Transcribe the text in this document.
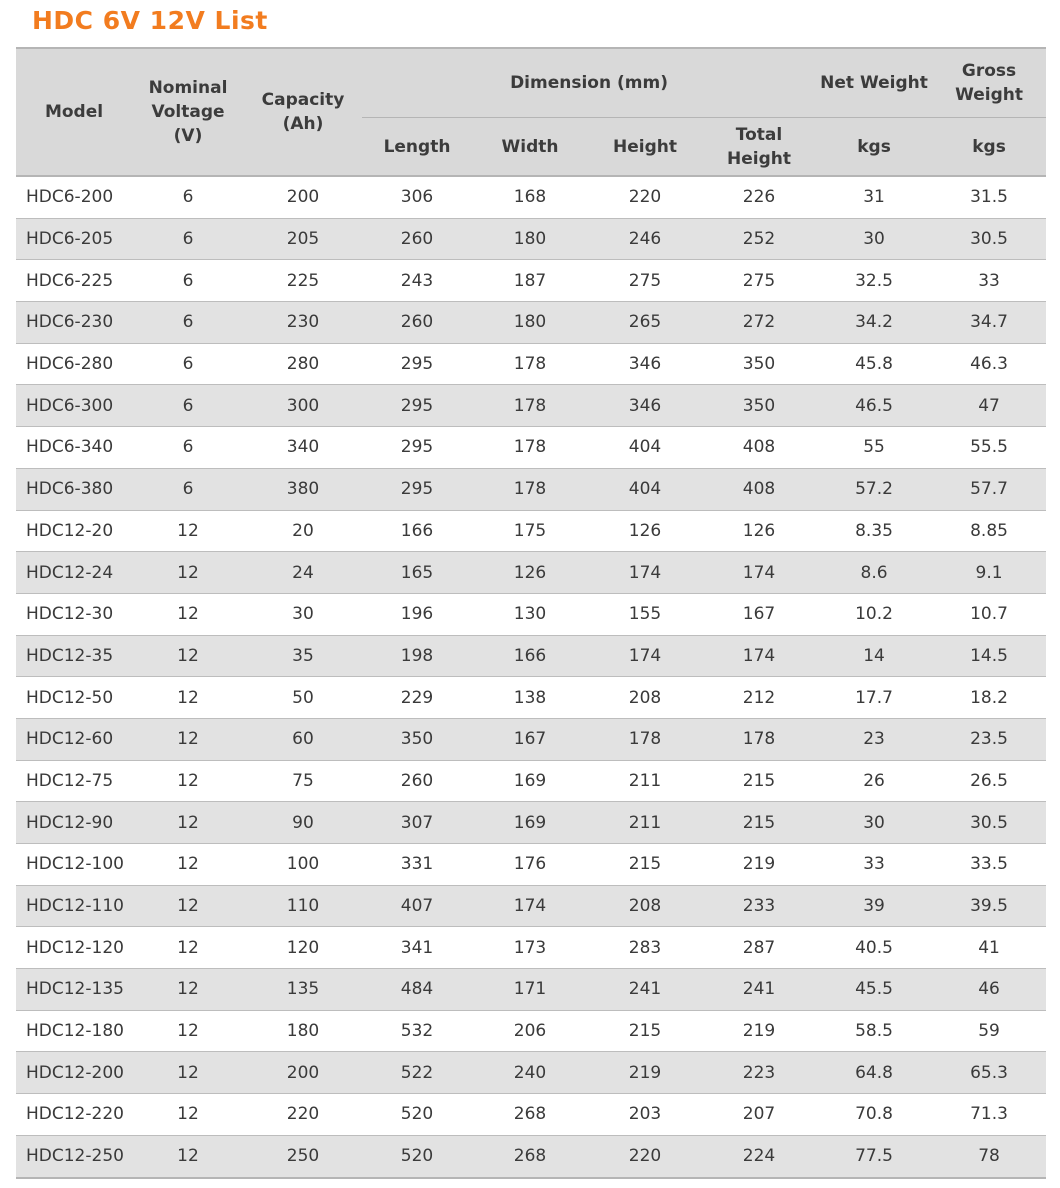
HDC 6V 12V List
Model	Nominal Voltage (V)	Capacity (Ah)	Dimension (mm)				Net Weight	Gross Weight
			Length	Width	Height	Total Height	kgs	kgs
HDC6-200	6	200	306	168	220	226	31	31.5
HDC6-205	6	205	260	180	246	252	30	30.5
HDC6-225	6	225	243	187	275	275	32.5	33
HDC6-230	6	230	260	180	265	272	34.2	34.7
HDC6-280	6	280	295	178	346	350	45.8	46.3
HDC6-300	6	300	295	178	346	350	46.5	47
HDC6-340	6	340	295	178	404	408	55	55.5
HDC6-380	6	380	295	178	404	408	57.2	57.7
HDC12-20	12	20	166	175	126	126	8.35	8.85
HDC12-24	12	24	165	126	174	174	8.6	9.1
HDC12-30	12	30	196	130	155	167	10.2	10.7
HDC12-35	12	35	198	166	174	174	14	14.5
HDC12-50	12	50	229	138	208	212	17.7	18.2
HDC12-60	12	60	350	167	178	178	23	23.5
HDC12-75	12	75	260	169	211	215	26	26.5
HDC12-90	12	90	307	169	211	215	30	30.5
HDC12-100	12	100	331	176	215	219	33	33.5
HDC12-110	12	110	407	174	208	233	39	39.5
HDC12-120	12	120	341	173	283	287	40.5	41
HDC12-135	12	135	484	171	241	241	45.5	46
HDC12-180	12	180	532	206	215	219	58.5	59
HDC12-200	12	200	522	240	219	223	64.8	65.3
HDC12-220	12	220	520	268	203	207	70.8	71.3
HDC12-250	12	250	520	268	220	224	77.5	78
